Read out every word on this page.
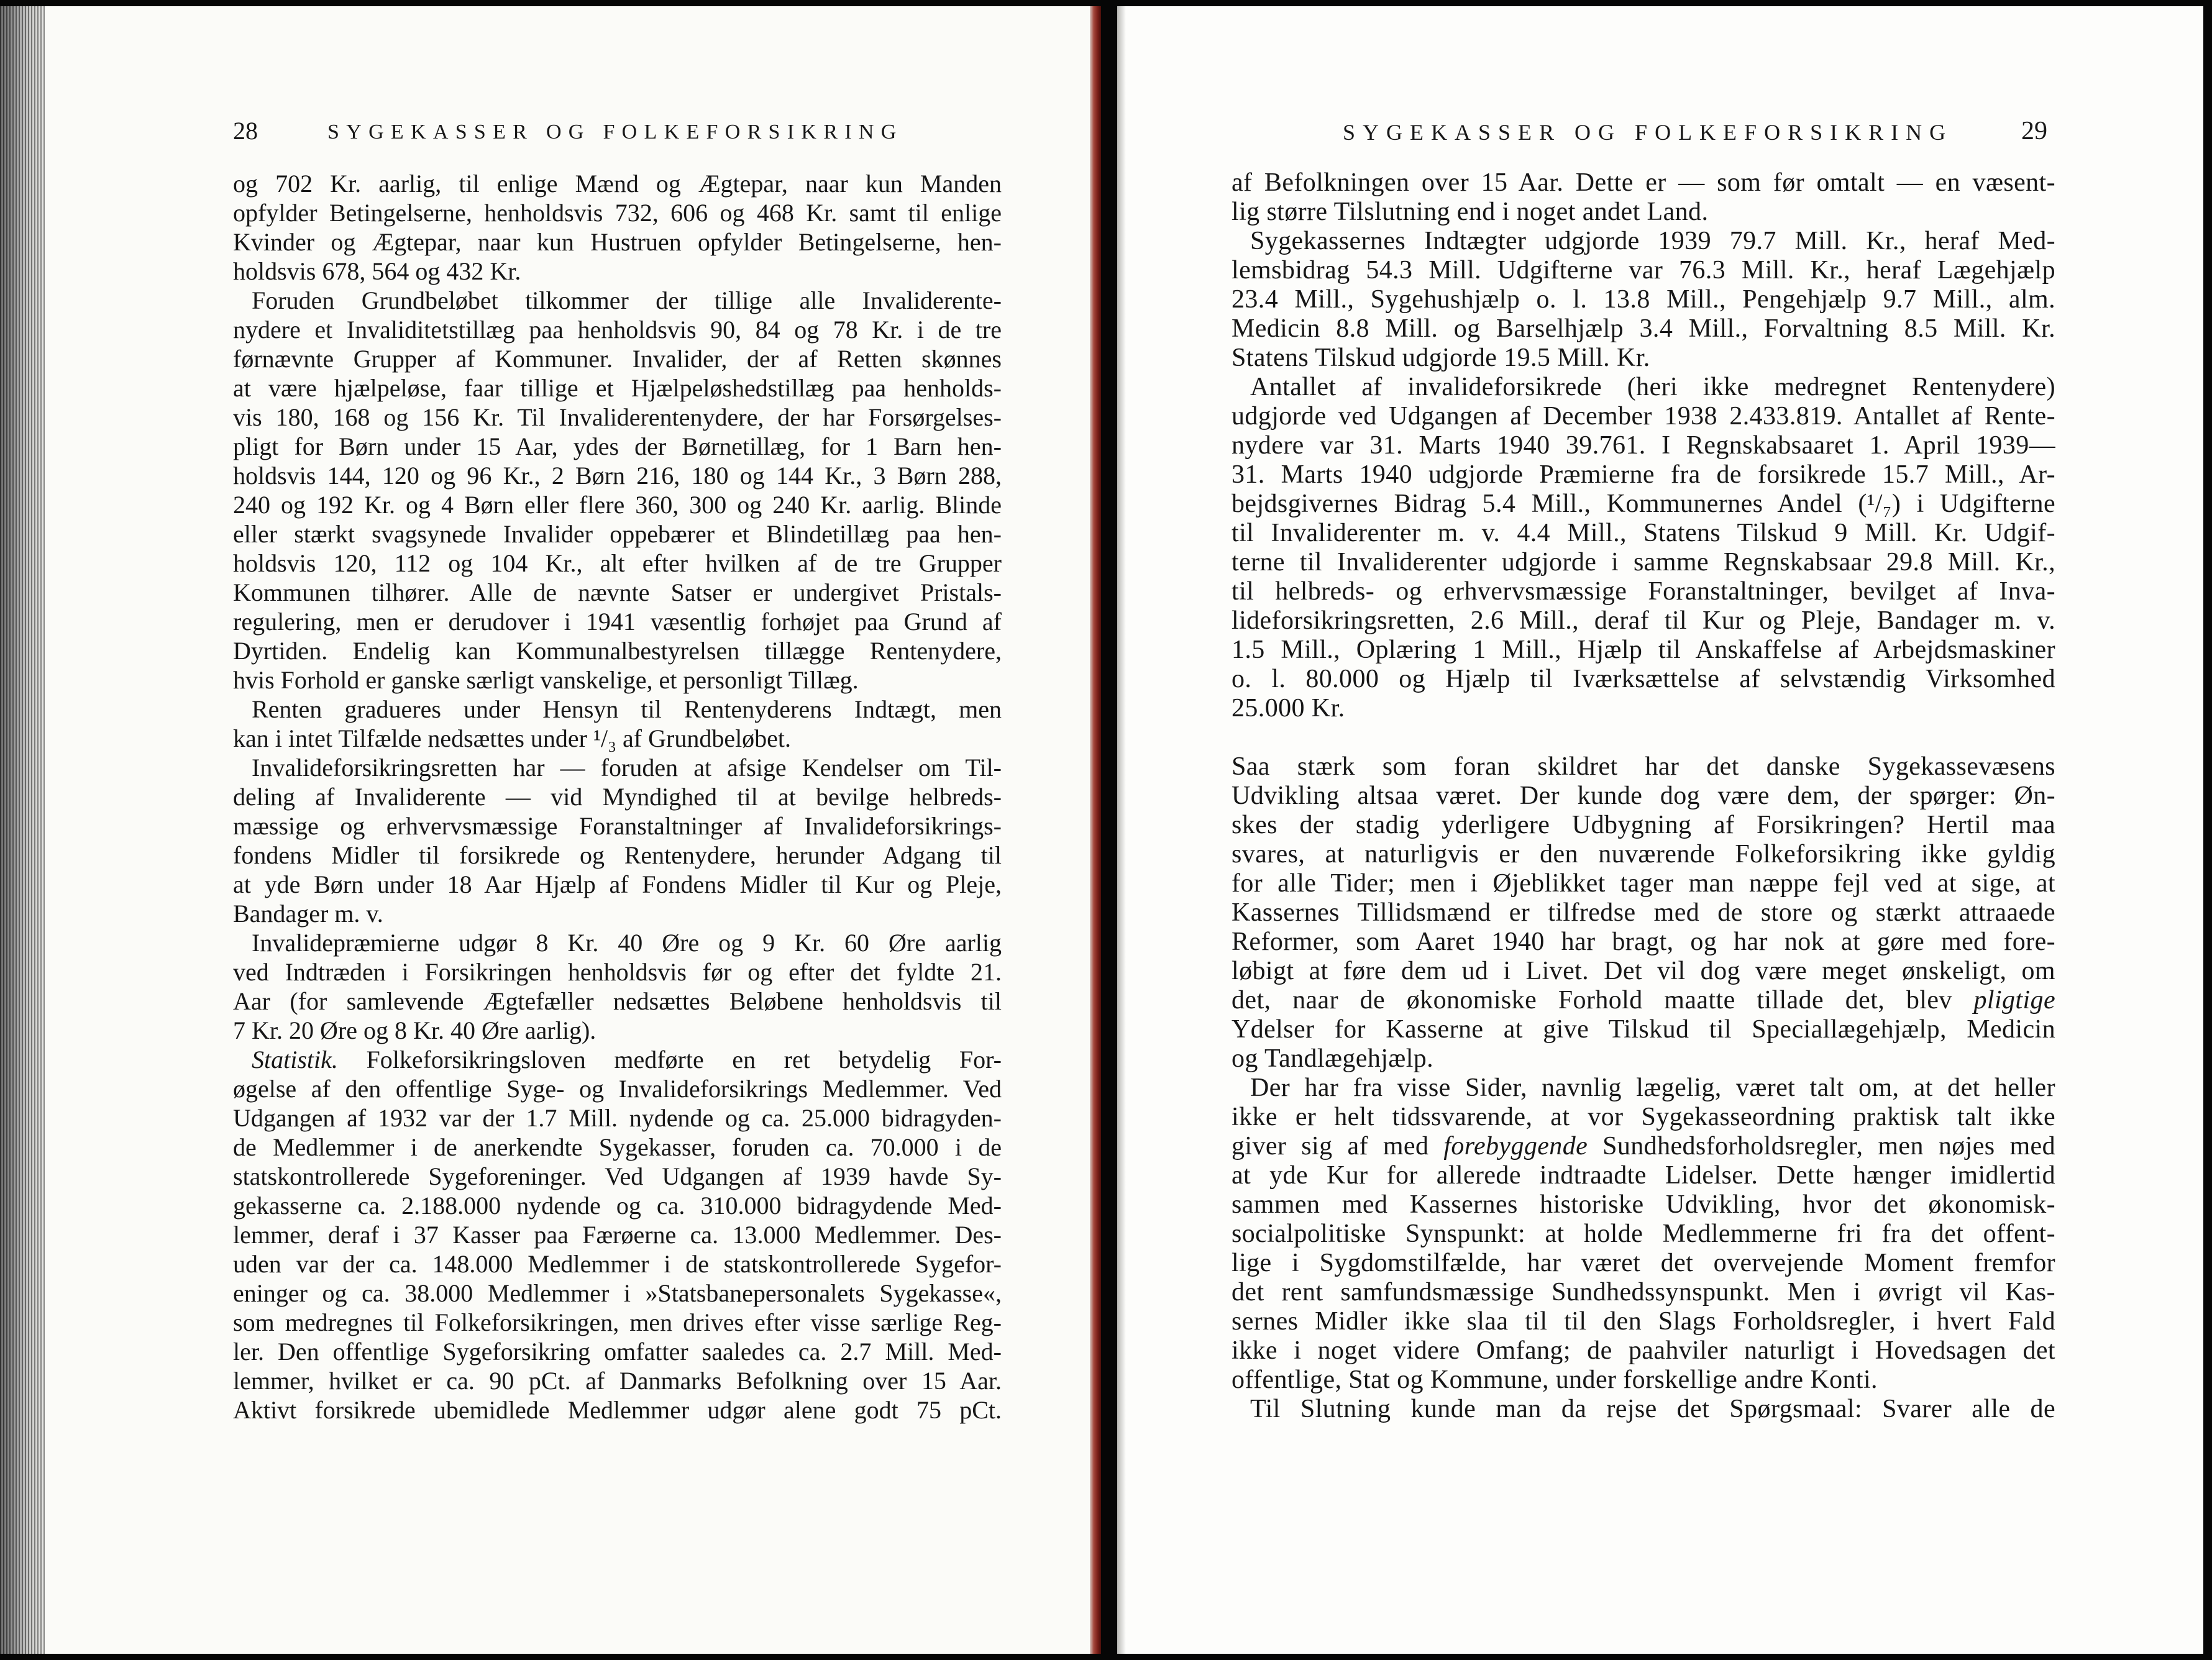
28	SYGEKASSER OG FOLKEFORSIKRING
og 702 Kr. aarlig, til enlige Mænd og Ægtepar, naar kun Manden
opfylder Betingelserne, henholdsvis 732, 606 og 468 Kr. samt til enlige
Kvinder og Ægtepar, naar kun Hustruen opfylder Betingelserne, hen-
holdsvis 678, 564 og 432 Kr.
Foruden Grundbeløbet tilkommer der tillige alle Invaliderente-
nydere et Invaliditetstillæg paa henholdsvis 90, 84 og 78 Kr. i de tre
førnævnte Grupper af Kommuner. Invalider, der af Retten skønnes
at være hjælpeløse, faar tillige et Hjælpeløshedstillæg paa henholds-
vis 180, 168 og 156 Kr. Til Invaliderentenydere, der har Forsørgelses-
pligt for Børn under 15 Aar, ydes der Børnetillæg, for 1 Barn hen-
holdsvis 144, 120 og 96 Kr., 2 Børn 216, 180 og 144 Kr., 3 Børn 288,
240 og 192 Kr. og 4 Børn eller flere 360, 300 og 240 Kr. aarlig. Blinde
eller stærkt svagsynede Invalider oppebærer et Blindetillæg paa hen-
holdsvis 120, 112 og 104 Kr., alt efter hvilken af de tre Grupper
Kommunen tilhører. Alle de nævnte Satser er undergivet Pristals-
regulering, men er derudover i 1941 væsentlig forhøjet paa Grund af
Dyrtiden. Endelig kan Kommunalbestyrelsen tillægge Rentenydere,
hvis Forhold er ganske særligt vanskelige, et personligt Tillæg.
Renten gradueres under Hensyn til Rentenyderens Indtægt, men
kan i intet Tilfælde nedsættes under ¹/₃ af Grundbeløbet.
Invalideforsikringsretten har — foruden at afsige Kendelser om Til-
deling af Invaliderente — vid Myndighed til at bevilge helbreds-
mæssige og erhvervsmæssige Foranstaltninger af Invalideforsikrings-
fondens Midler til forsikrede og Rentenydere, herunder Adgang til
at yde Børn under 18 Aar Hjælp af Fondens Midler til Kur og Pleje,
Bandager m. v.
Invalidepræmierne udgør 8 Kr. 40 Øre og 9 Kr. 60 Øre aarlig
ved Indtræden i Forsikringen henholdsvis før og efter det fyldte 21.
Aar (for samlevende Ægtefæller nedsættes Beløbene henholdsvis til
7 Kr. 20 Øre og 8 Kr. 40 Øre aarlig).
Statistik. Folkeforsikringsloven medførte en ret betydelig For-
øgelse af den offentlige Syge- og Invalideforsikrings Medlemmer. Ved
Udgangen af 1932 var der 1.7 Mill. nydende og ca. 25.000 bidragyden-
de Medlemmer i de anerkendte Sygekasser, foruden ca. 70.000 i de
statskontrollerede Sygeforeninger. Ved Udgangen af 1939 havde Sy-
gekasserne ca. 2.188.000 nydende og ca. 310.000 bidragydende Med-
lemmer, deraf i 37 Kasser paa Færøerne ca. 13.000 Medlemmer. Des-
uden var der ca. 148.000 Medlemmer i de statskontrollerede Sygefor-
eninger og ca. 38.000 Medlemmer i »Statsbanepersonalets Sygekasse«,
som medregnes til Folkeforsikringen, men drives efter visse særlige Reg-
ler. Den offentlige Sygeforsikring omfatter saaledes ca. 2.7 Mill. Med-
lemmer, hvilket er ca. 90 pCt. af Danmarks Befolkning over 15 Aar.
Aktivt forsikrede ubemidlede Medlemmer udgør alene godt 75 pCt.
SYGEKASSER OG FOLKEFORSIKRING	29
af Befolkningen over 15 Aar. Dette er — som før omtalt — en væsent-
lig større Tilslutning end i noget andet Land.
Sygekassernes Indtægter udgjorde 1939 79.7 Mill. Kr., heraf Med-
lemsbidrag 54.3 Mill. Udgifterne var 76.3 Mill. Kr., heraf Lægehjælp
23.4 Mill., Sygehushjælp o. l. 13.8 Mill., Pengehjælp 9.7 Mill., alm.
Medicin 8.8 Mill. og Barselhjælp 3.4 Mill., Forvaltning 8.5 Mill. Kr.
Statens Tilskud udgjorde 19.5 Mill. Kr.
Antallet af invalideforsikrede (heri ikke medregnet Rentenydere)
udgjorde ved Udgangen af December 1938 2.433.819. Antallet af Rente-
nydere var 31. Marts 1940 39.761. I Regnskabsaaret 1. April 1939—
31. Marts 1940 udgjorde Præmierne fra de forsikrede 15.7 Mill., Ar-
bejdsgivernes Bidrag 5.4 Mill., Kommunernes Andel (¹/₇) i Udgifterne
til Invaliderenter m. v. 4.4 Mill., Statens Tilskud 9 Mill. Kr. Udgif-
terne til Invaliderenter udgjorde i samme Regnskabsaar 29.8 Mill. Kr.,
til helbreds- og erhvervsmæssige Foranstaltninger, bevilget af Inva-
lideforsikringsretten, 2.6 Mill., deraf til Kur og Pleje, Bandager m. v.
1.5 Mill., Oplæring 1 Mill., Hjælp til Anskaffelse af Arbejdsmaskiner
o. l. 80.000 og Hjælp til Iværksættelse af selvstændig Virksomhed
25.000 Kr.
Saa stærk som foran skildret har det danske Sygekassevæsens
Udvikling altsaa været. Der kunde dog være dem, der spørger: Øn-
skes der stadig yderligere Udbygning af Forsikringen? Hertil maa
svares, at naturligvis er den nuværende Folkeforsikring ikke gyldig
for alle Tider; men i Øjeblikket tager man næppe fejl ved at sige, at
Kassernes Tillidsmænd er tilfredse med de store og stærkt attraaede
Reformer, som Aaret 1940 har bragt, og har nok at gøre med fore-
løbigt at føre dem ud i Livet. Det vil dog være meget ønskeligt, om
det, naar de økonomiske Forhold maatte tillade det, blev pligtige
Ydelser for Kasserne at give Tilskud til Speciallægehjælp, Medicin
og Tandlægehjælp.
Der har fra visse Sider, navnlig lægelig, været talt om, at det heller
ikke er helt tidssvarende, at vor Sygekasseordning praktisk talt ikke
giver sig af med forebyggende Sundhedsforholdsregler, men nøjes med
at yde Kur for allerede indtraadte Lidelser. Dette hænger imidlertid
sammen med Kassernes historiske Udvikling, hvor det økonomisk-
socialpolitiske Synspunkt: at holde Medlemmerne fri fra det offent-
lige i Sygdomstilfælde, har været det overvejende Moment fremfor
det rent samfundsmæssige Sundhedssynspunkt. Men i øvrigt vil Kas-
sernes Midler ikke slaa til til den Slags Forholdsregler, i hvert Fald
ikke i noget videre Omfang; de paahviler naturligt i Hovedsagen det
offentlige, Stat og Kommune, under forskellige andre Konti.
Til Slutning kunde man da rejse det Spørgsmaal: Svarer alle de
